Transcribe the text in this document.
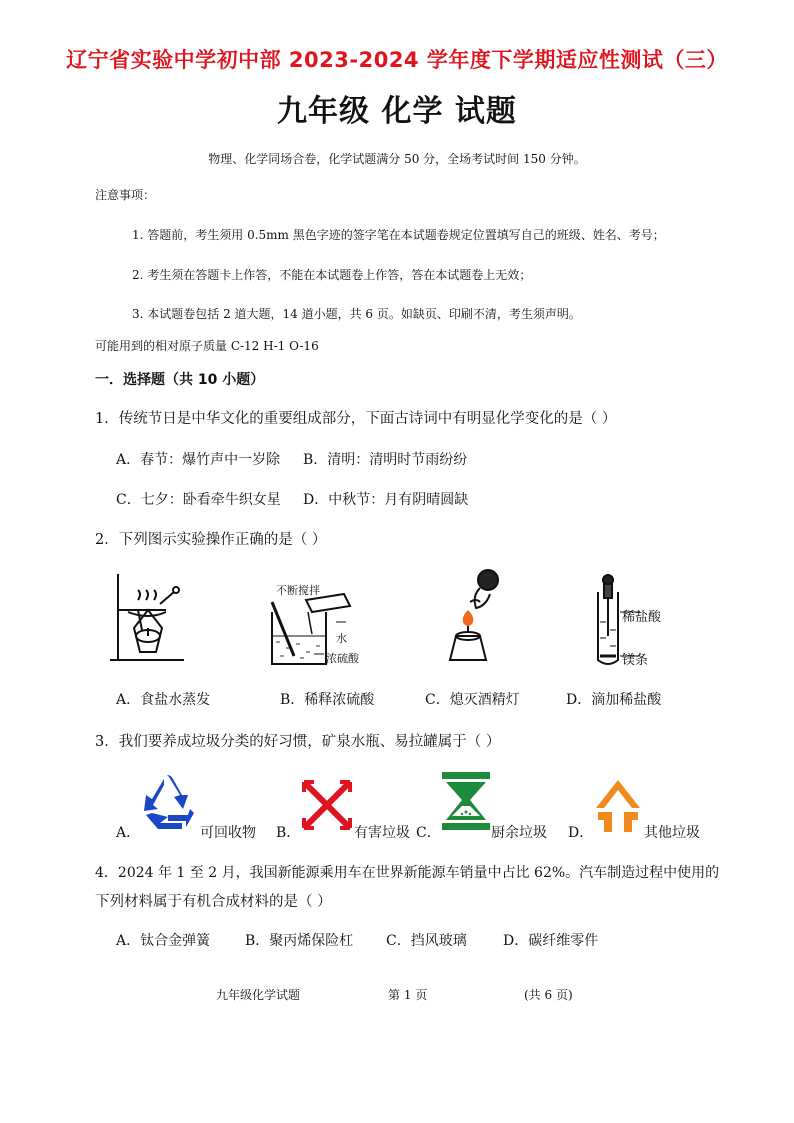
辽宁省实验中学初中部 2023-2024 学年度下学期适应性测试（三）
九年级 化学 试题
物理、化学同场合卷，化学试题满分 50 分，全场考试时间 150 分钟。
注意事项：
1. 答题前，考生须用 0.5mm 黑色字迹的签字笔在本试题卷规定位置填写自己的班级、姓名、考号；
2. 考生须在答题卡上作答，不能在本试题卷上作答，答在本试题卷上无效；
3. 本试题卷包括 2 道大题，14 道小题，共 6 页。如缺页、印刷不清，考生须声明。
可能用到的相对原子质量 C-12 H-1 O-16
一．选择题（共 10 小题）
1．传统节日是中华文化的重要组成部分，下面古诗词中有明显化学变化的是（ ）
A．春节：爆竹声中一岁除 B．清明：清明时节雨纷纷
C．七夕：卧看牵牛织女星 D．中秋节：月有阴晴圆缺
2．下列图示实验操作正确的是（ ）
不断搅拌
水
浓硫酸
稀盐酸
镁条
A．食盐水蒸发	B．稀释浓硫酸	C．熄灭酒精灯	D．滴加稀盐酸
3．我们要养成垃圾分类的好习惯，矿泉水瓶、易拉罐属于（ ）
A．	可回收物 B．	有害垃圾 C．	厨余垃圾 D．	其他垃圾
4．2024 年 1 至 2 月，我国新能源乘用车在世界新能源车销量中占比 62%。汽车制造过程中使用的
下列材料属于有机合成材料的是（ ）
A．钛合金弹簧 B．聚丙烯保险杠 C．挡风玻璃	D．碳纤维零件
九年级化学试题	第 1 页	(共 6 页)
